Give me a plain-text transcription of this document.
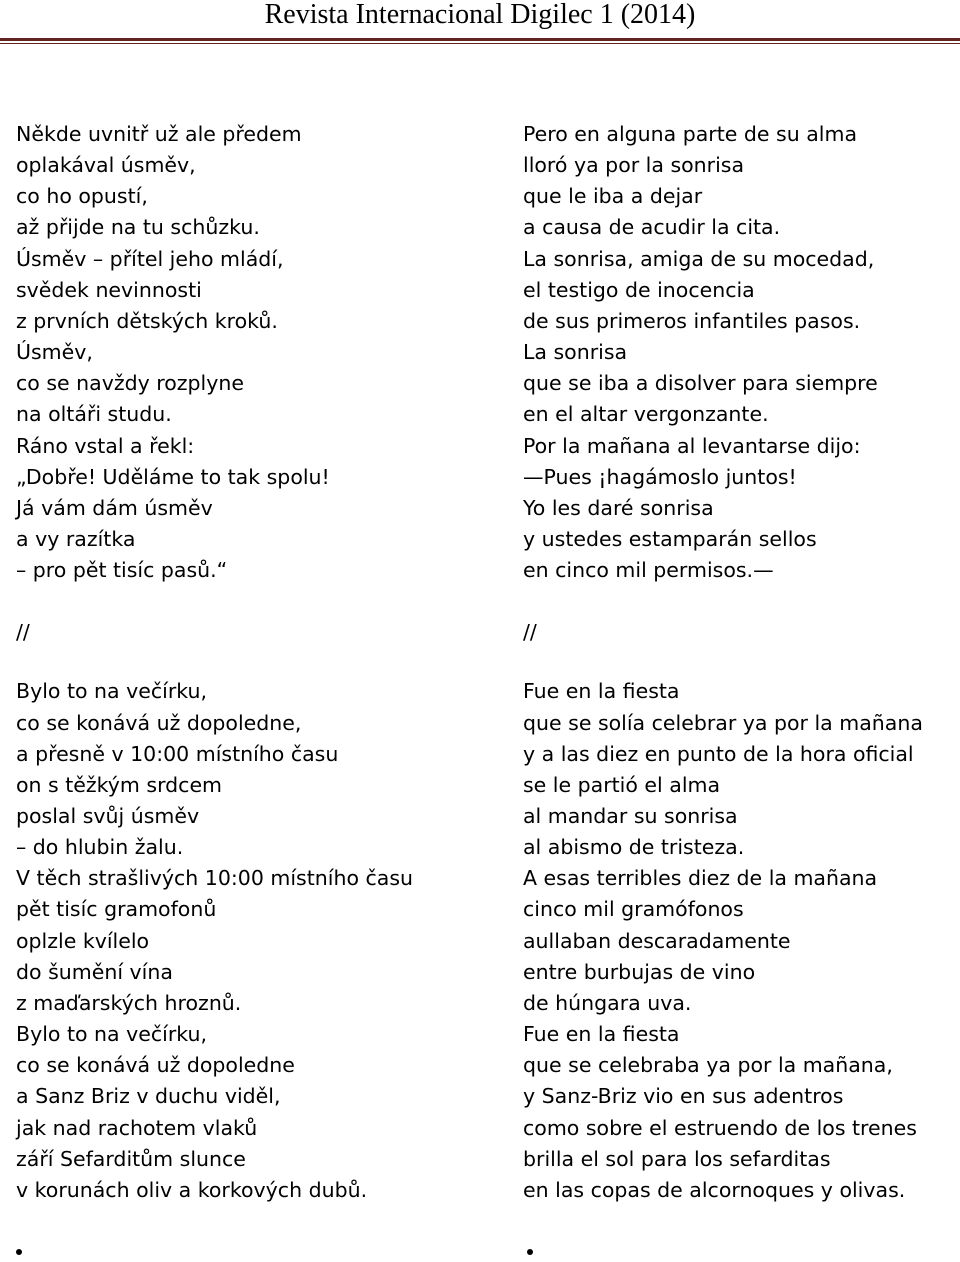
Revista Internacional Digilec 1 (2014)
Někde uvnitř už ale předem
oplakával úsměv,
co ho opustí,
až přijde na tu schůzku.
Úsměv – přítel jeho mládí,
svědek nevinnosti
z prvních dětských kroků.
Úsměv,
co se navždy rozplyne
na oltáři studu.
Ráno vstal a řekl:
„Dobře! Uděláme to tak spolu!
Já vám dám úsměv
a vy razítka
– pro pět tisíc pasů.“
//
Bylo to na večírku,
co se konává už dopoledne,
a přesně v 10:00 místního času
on s těžkým srdcem
poslal svůj úsměv
– do hlubin žalu.
V těch strašlivých 10:00 místního času
pět tisíc gramofonů
oplzle kvílelo
do šumění vína
z maďarských hroznů.
Bylo to na večírku,
co se konává už dopoledne
a Sanz Briz v duchu viděl,
jak nad rachotem vlaků
září Sefarditům slunce
v korunách oliv a korkových dubů.
Pero en alguna parte de su alma
lloró ya por la sonrisa
que le iba a dejar
a causa de acudir la cita.
La sonrisa, amiga de su mocedad,
el testigo de inocencia
de sus primeros infantiles pasos.
La sonrisa
que se iba a disolver para siempre
en el altar vergonzante.
Por la mañana al levantarse dijo:
—Pues ¡hagámoslo juntos!
Yo les daré sonrisa
y ustedes estamparán sellos
en cinco mil permisos.—
//
Fue en la fiesta
que se solía celebrar ya por la mañana
y a las diez en punto de la hora oficial
se le partió el alma
al mandar su sonrisa
al abismo de tristeza.
A esas terribles diez de la mañana
cinco mil gramófonos
aullaban descaradamente
entre burbujas de vino
de húngara uva.
Fue en la fiesta
que se celebraba ya por la mañana,
y Sanz-Briz vio en sus adentros
como sobre el estruendo de los trenes
brilla el sol para los sefarditas
en las copas de alcornoques y olivas.
